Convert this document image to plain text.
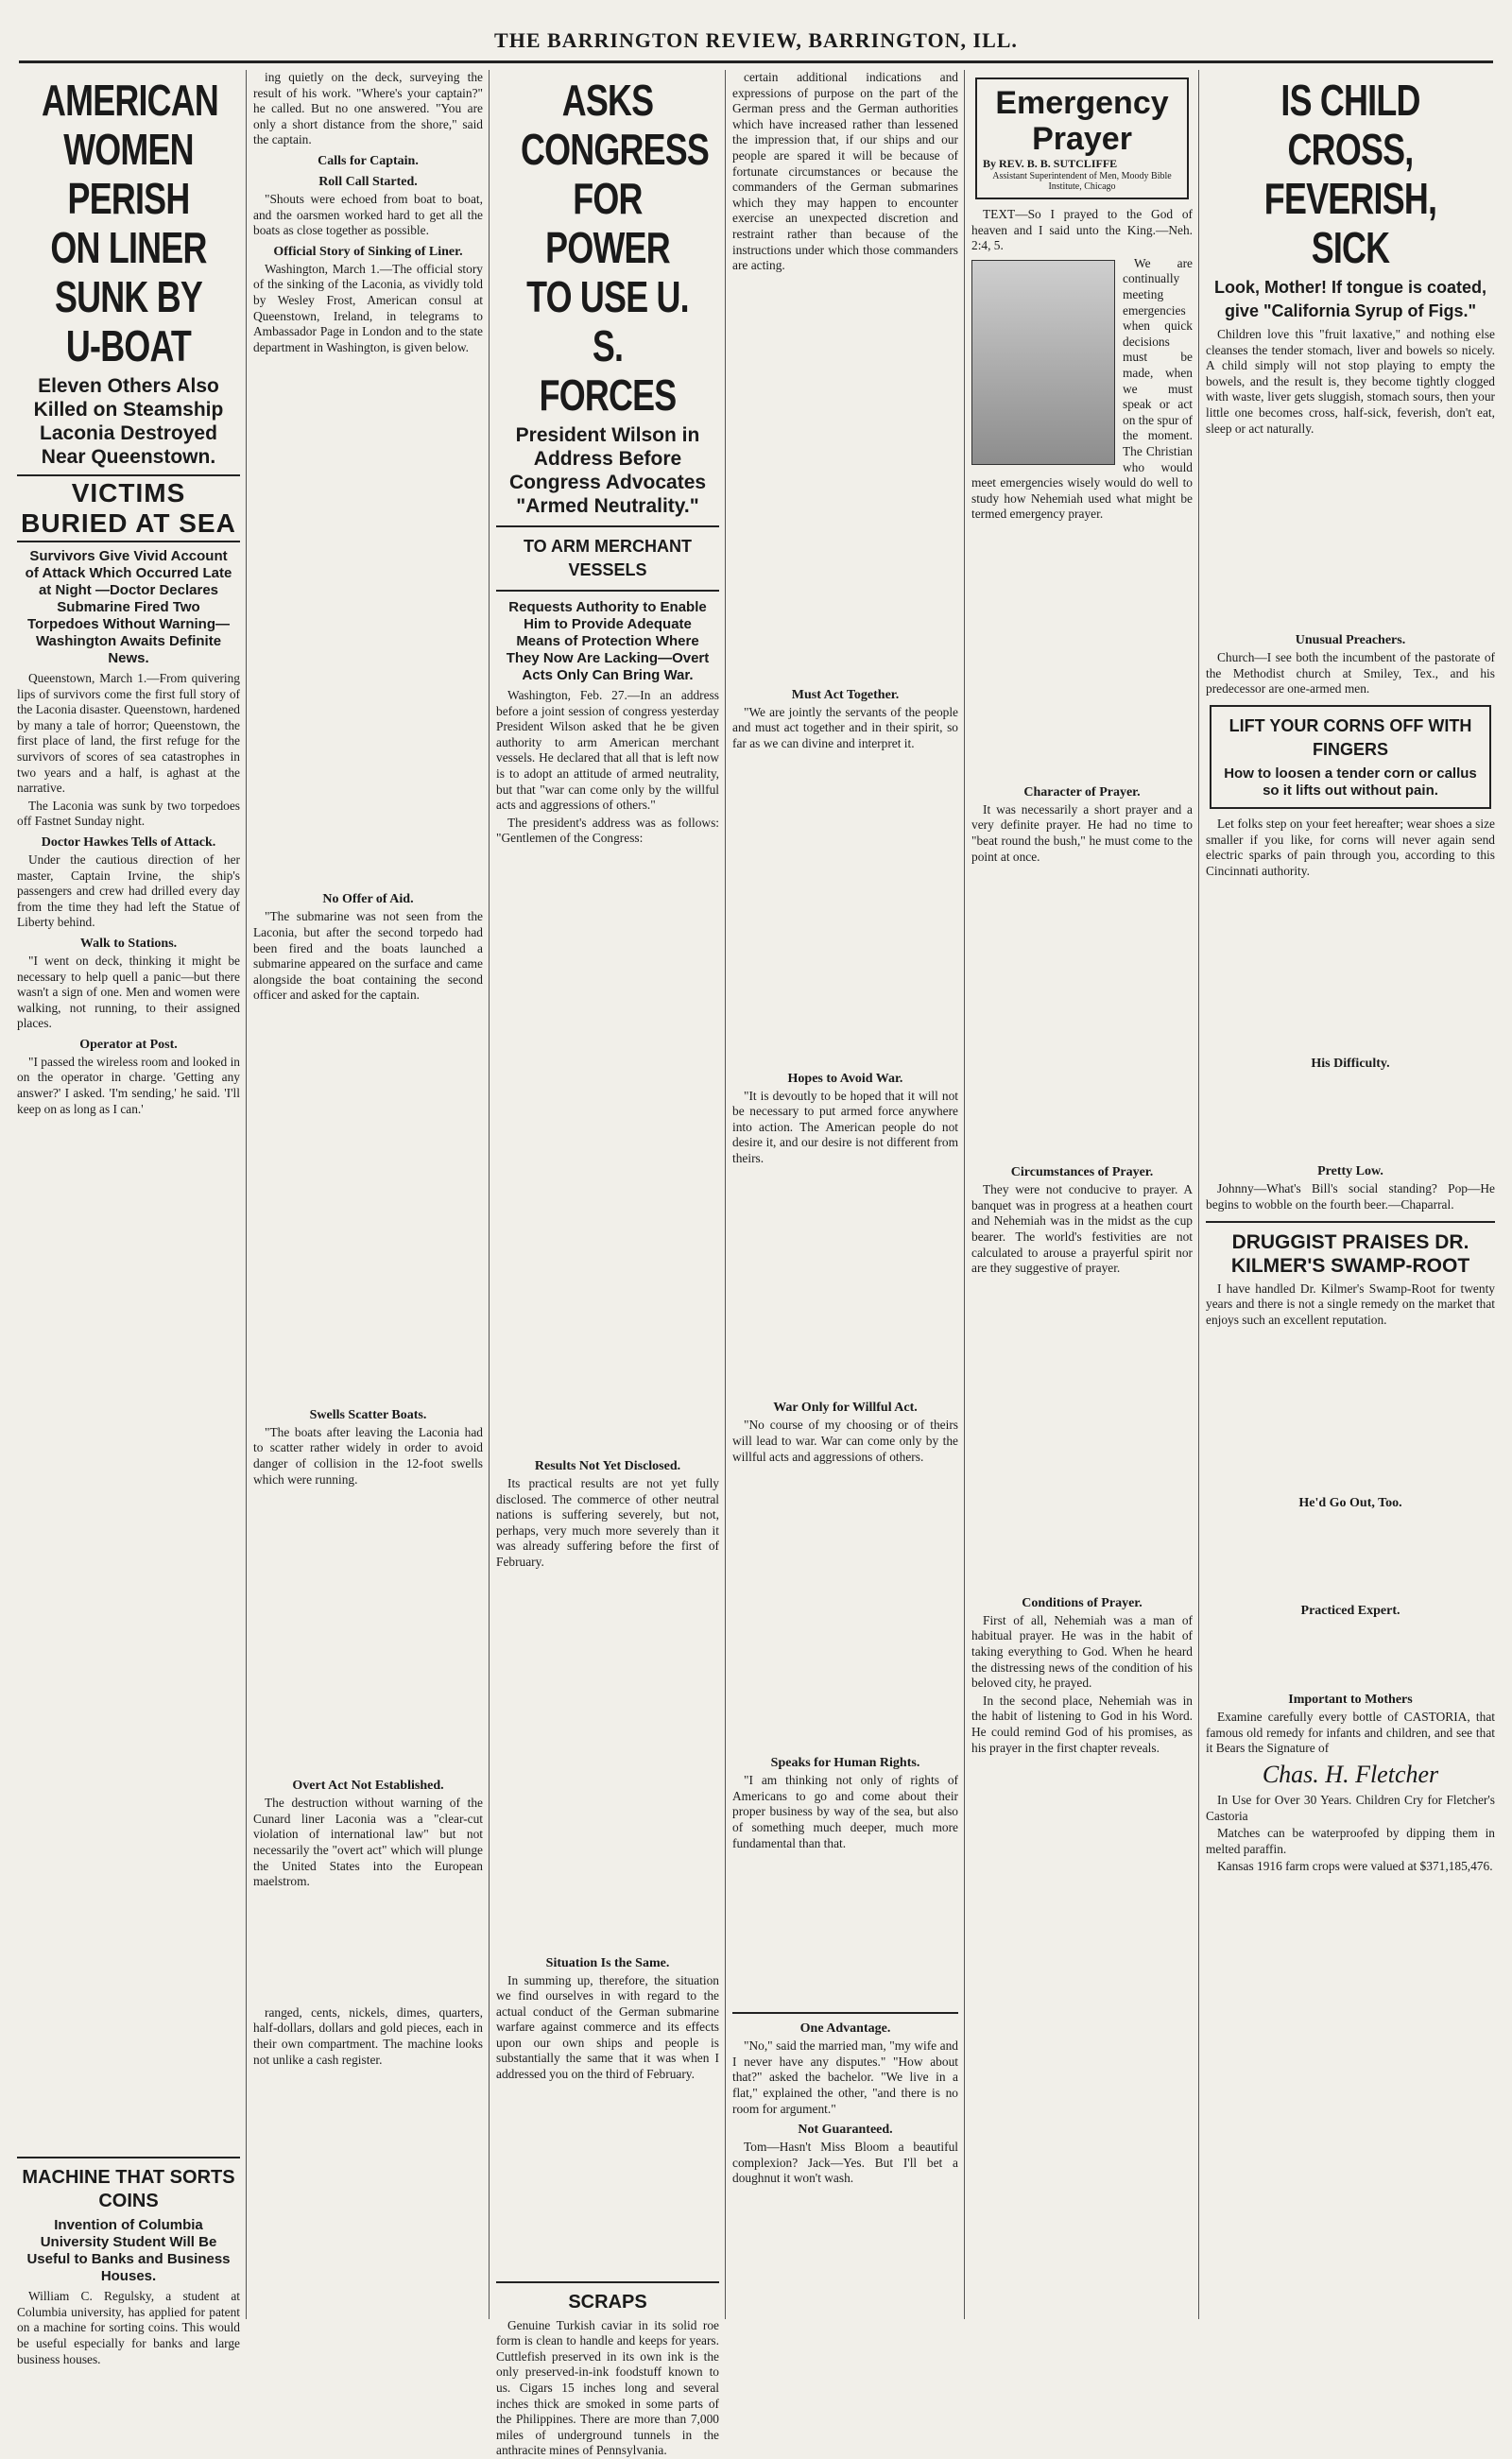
THE BARRINGTON REVIEW, BARRINGTON, ILL.
AMERICAN WOMEN PERISH ON LINER SUNK BY U-BOAT
Eleven Others Also Killed on Steamship Laconia Destroyed Near Queenstown.
VICTIMS BURIED AT SEA
Survivors Give Vivid Account of Attack Which Occurred Late at Night —Doctor Declares Submarine Fired Two Torpedoes Without Warning—Washington Awaits Definite News.

Queenstown, March 1.—From quivering lips of survivors come the first full story of the Laconia disaster. Queenstown, hardened by many a tale of horror; Queenstown, the first place of land, the first refuge for the survivors of scores of sea catastrophes in two years and a half, is aghast at the narrative.

The Laconia was sunk by two torpedoes off Fastnet Sunday night.

Doctor Hawkes Tells of Attack.

Under the cautious direction of her master, Captain Irvine, the ship's passengers and crew had drilled every day from the time they had left the Statue of Liberty behind.

Walk to Stations.

"I went on deck, thinking it might be necessary to help quell a panic—but there wasn't a sign of one. Men and women were walking, not running, to their assigned places.

Operator at Post.

"I passed the wireless room and looked in on the operator in charge. 'Getting any answer?' I asked. 'I'm sending,' he said. 'I'll keep on as long as I can.'

MACHINE THAT SORTS COINS
Invention of Columbia University Student Will Be Useful to Banks and Business Houses.

William C. Regulsky, a student at Columbia university, has applied for patent on a machine for sorting coins. This would be useful especially for banks and large business houses.

ing quietly on the deck, surveying the result of his work. "Where's your captain?" he called. But no one answered. "You are only a short distance from the shore," said the captain.

Calls for Captain.
Roll Call Started.

"Shouts were echoed from boat to boat, and the oarsmen worked hard to get all the boats as close together as possible.

Official Story of Sinking of Liner.

Washington, March 1.—The official story of the sinking of the Laconia, as vividly told by Wesley Frost, American consul at Queenstown, Ireland, in telegrams to Ambassador Page in London and to the state department in Washington, is given below.

No Offer of Aid.

"The submarine was not seen from the Laconia, but after the second torpedo had been fired and the boats launched a submarine appeared on the surface and came alongside the boat containing the second officer and asked for the captain.

Swells Scatter Boats.

"The boats after leaving the Laconia had to scatter rather widely in order to avoid danger of collision in the 12-foot swells which were running.

Overt Act Not Established.

The destruction without warning of the Cunard liner Laconia was a "clear-cut violation of international law" but not necessarily the "overt act" which will plunge the United States into the European maelstrom.

ranged, cents, nickels, dimes, quarters, half-dollars, dollars and gold pieces, each in their own compartment. The machine looks not unlike a cash register.

ASKS CONGRESS FOR POWER TO USE U. S. FORCES
President Wilson in Address Before Congress Advocates "Armed Neutrality."
TO ARM MERCHANT VESSELS
Requests Authority to Enable Him to Provide Adequate Means of Protection Where They Now Are Lacking—Overt Acts Only Can Bring War.

Washington, Feb. 27.—In an address before a joint session of congress yesterday President Wilson asked that he be given authority to arm American merchant vessels. He declared that all that is left now is to adopt an attitude of armed neutrality, but that "war can come only by the willful acts and aggressions of others."

The president's address was as follows: "Gentlemen of the Congress:

Results Not Yet Disclosed.

Its practical results are not yet fully disclosed. The commerce of other neutral nations is suffering severely, but not, perhaps, very much more severely than it was already suffering before the first of February.

Situation Is the Same.

In summing up, therefore, the situation we find ourselves in with regard to the actual conduct of the German submarine warfare against commerce and its effects upon our own ships and people is substantially the same that it was when I addressed you on the third of February.

SCRAPS

Genuine Turkish caviar in its solid roe form is clean to handle and keeps for years. Cuttlefish preserved in its own ink is the only preserved-in-ink foodstuff known to us. Cigars 15 inches long and several inches thick are smoked in some parts of the Philippines. There are more than 7,000 miles of underground tunnels in the anthracite mines of Pennsylvania.

certain additional indications and expressions of purpose on the part of the German press and the German authorities which have increased rather than lessened the impression that, if our ships and our people are spared it will be because of fortunate circumstances or because the commanders of the German submarines which they may happen to encounter exercise an unexpected discretion and restraint rather than because of the instructions under which those commanders are acting.

Must Act Together.

"We are jointly the servants of the people and must act together and in their spirit, so far as we can divine and interpret it.

Hopes to Avoid War.

"It is devoutly to be hoped that it will not be necessary to put armed force anywhere into action. The American people do not desire it, and our desire is not different from theirs.

War Only for Willful Act.

"No course of my choosing or of theirs will lead to war. War can come only by the willful acts and aggressions of others.

Speaks for Human Rights.

"I am thinking not only of rights of Americans to go and come about their proper business by way of the sea, but also of something much deeper, much more fundamental than that.

One Advantage.

"No," said the married man, "my wife and I never have any disputes." "How about that?" asked the bachelor. "We live in a flat," explained the other, "and there is no room for argument."

Not Guaranteed.

Tom—Hasn't Miss Bloom a beautiful complexion? Jack—Yes. But I'll bet a doughnut it won't wash.

Emergency Prayer
By REV. B. B. SUTCLIFFE
Assistant Superintendent of Men, Moody Bible Institute, Chicago

TEXT—So I prayed to the God of heaven and I said unto the King.—Neh. 2:4, 5.

We are continually meeting emergencies when quick decisions must be made, when we must speak or act on the spur of the moment. The Christian who would meet emergencies wisely would do well to study how Nehemiah used what might be termed emergency prayer.

Character of Prayer.

It was necessarily a short prayer and a very definite prayer. He had no time to "beat round the bush," he must come to the point at once.

Circumstances of Prayer.

They were not conducive to prayer. A banquet was in progress at a heathen court and Nehemiah was in the midst as the cup bearer. The world's festivities are not calculated to arouse a prayerful spirit nor are they suggestive of prayer.

Conditions of Prayer.

First of all, Nehemiah was a man of habitual prayer. He was in the habit of taking everything to God. When he heard the distressing news of the condition of his beloved city, he prayed.

In the second place, Nehemiah was in the habit of listening to God in his Word. He could remind God of his promises, as his prayer in the first chapter reveals.

IS CHILD CROSS, FEVERISH, SICK
Look, Mother! If tongue is coated, give "California Syrup of Figs."

Children love this "fruit laxative," and nothing else cleanses the tender stomach, liver and bowels so nicely. A child simply will not stop playing to empty the bowels, and the result is, they become tightly clogged with waste, liver gets sluggish, stomach sours, then your little one becomes cross, half-sick, feverish, don't eat, sleep or act naturally.

Unusual Preachers.

Church—I see both the incumbent of the pastorate of the Methodist church at Smiley, Tex., and his predecessor are one-armed men.

LIFT YOUR CORNS OFF WITH FINGERS
How to loosen a tender corn or callus so it lifts out without pain.

Let folks step on your feet hereafter; wear shoes a size smaller if you like, for corns will never again send electric sparks of pain through you, according to this Cincinnati authority.

His Difficulty.
Pretty Low.

Johnny—What's Bill's social standing? Pop—He begins to wobble on the fourth beer.—Chaparral.

DRUGGIST PRAISES DR. KILMER'S SWAMP-ROOT

I have handled Dr. Kilmer's Swamp-Root for twenty years and there is not a single remedy on the market that enjoys such an excellent reputation.

He'd Go Out, Too.
Practiced Expert.
Important to Mothers

Examine carefully every bottle of CASTORIA, that famous old remedy for infants and children, and see that it Bears the Signature of

Chas. H. Fletcher

In Use for Over 30 Years. Children Cry for Fletcher's Castoria

Matches can be waterproofed by dipping them in melted paraffin.

Kansas 1916 farm crops were valued at $371,185,476.
